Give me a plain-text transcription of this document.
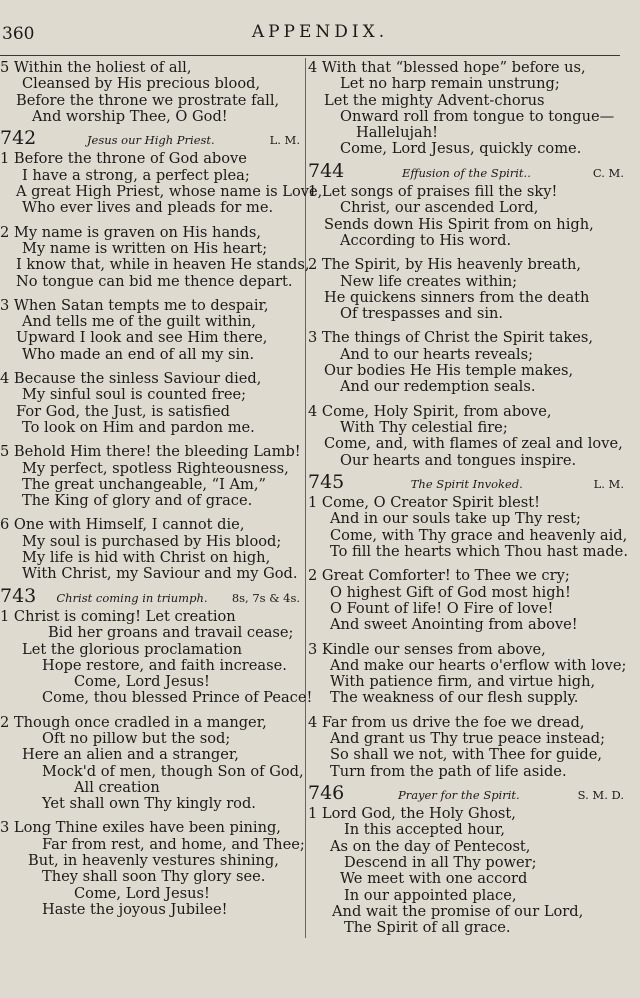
360	APPENDIX.
5 Within the holiest of all,
Cleansed by His precious blood,
Before the throne we prostrate fall,
And worship Thee, O God!
742	Jesus our High Priest.	L. M.
1 Before the throne of God above
I have a strong, a perfect plea;
A great High Priest, whose name is Love,
Who ever lives and pleads for me.
2 My name is graven on His hands,
My name is written on His heart;
I know that, while in heaven He stands,
No tongue can bid me thence depart.
3 When Satan tempts me to despair,
And tells me of the guilt within,
Upward I look and see Him there,
Who made an end of all my sin.
4 Because the sinless Saviour died,
My sinful soul is counted free;
For God, the Just, is satisfied
To look on Him and pardon me.
5 Behold Him there! the bleeding Lamb!
My perfect, spotless Righteousness,
The great unchangeable, “I Am,”
The King of glory and of grace.
6 One with Himself, I cannot die,
My soul is purchased by His blood;
My life is hid with Christ on high,
With Christ, my Saviour and my God.
743	Christ coming in triumph.	8s, 7s & 4s.
1 Christ is coming! Let creation
Bid her groans and travail cease;
Let the glorious proclamation
Hope restore, and faith increase.
Come, Lord Jesus!
Come, thou blessed Prince of Peace!
2 Though once cradled in a manger,
Oft no pillow but the sod;
Here an alien and a stranger,
Mock'd of men, though Son of God,
All creation
Yet shall own Thy kingly rod.
3 Long Thine exiles have been pining,
Far from rest, and home, and Thee;
But, in heavenly vestures shining,
They shall soon Thy glory see.
Come, Lord Jesus!
Haste the joyous Jubilee!
4 With that “blessed hope” before us,
Let no harp remain unstrung;
Let the mighty Advent-chorus
Onward roll from tongue to tongue—
Hallelujah!
Come, Lord Jesus, quickly come.
744	Effusion of the Spirit..	C. M.
1 Let songs of praises fill the sky!
Christ, our ascended Lord,
Sends down His Spirit from on high,
According to His word.
2 The Spirit, by His heavenly breath,
New life creates within;
He quickens sinners from the death
Of trespasses and sin.
3 The things of Christ the Spirit takes,
And to our hearts reveals;
Our bodies He His temple makes,
And our redemption seals.
4 Come, Holy Spirit, from above,
With Thy celestial fire;
Come, and, with flames of zeal and love,
Our hearts and tongues inspire.
745	The Spirit Invoked.	L. M.
1 Come, O Creator Spirit blest!
And in our souls take up Thy rest;
Come, with Thy grace and heavenly aid,
To fill the hearts which Thou hast made.
2 Great Comforter! to Thee we cry;
O highest Gift of God most high!
O Fount of life! O Fire of love!
And sweet Anointing from above!
3 Kindle our senses from above,
And make our hearts o'erflow with love;
With patience firm, and virtue high,
The weakness of our flesh supply.
4 Far from us drive the foe we dread,
And grant us Thy true peace instead;
So shall we not, with Thee for guide,
Turn from the path of life aside.
746	Prayer for the Spirit.	S. M. D.
1 Lord God, the Holy Ghost,
In this accepted hour,
As on the day of Pentecost,
Descend in all Thy power;
We meet with one accord
In our appointed place,
And wait the promise of our Lord,
The Spirit of all grace.
